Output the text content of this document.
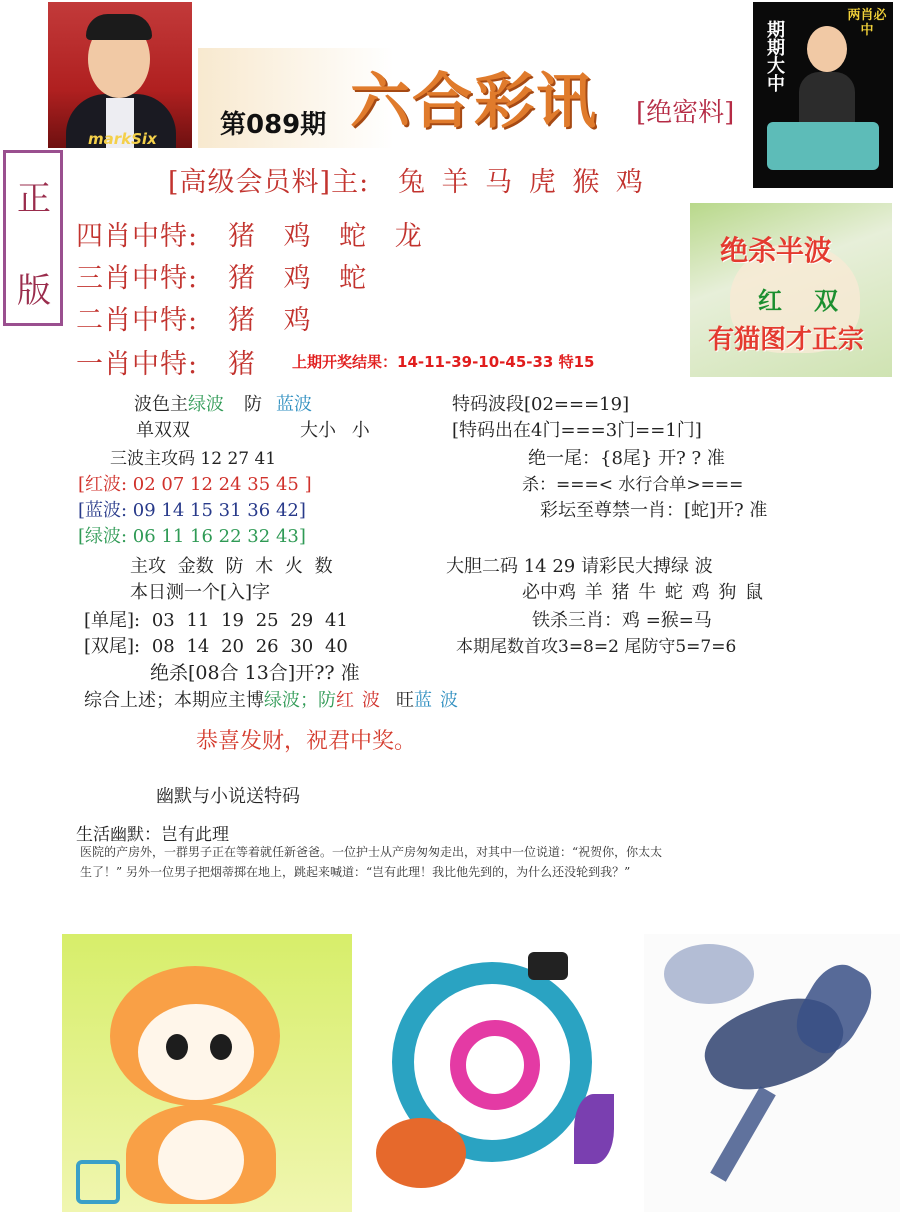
markSix 第089期 六合彩讯 [绝密料]
期期大中
两肖必中
正
版
[高级会员料]主: 兔 羊 马 虎 猴 鸡
四肖中特: 猪 鸡 蛇 龙
三肖中特: 猪 鸡 蛇
二肖中特: 猪 鸡
一肖中特: 猪 上期开奖结果：14-11-39-10-45-33 特15
绝杀半波
红 双
有猫图才正宗
波色主绿波 防 蓝波
单双双	大小 小
三波主攻码 12 27 41
[红波: 02 07 12 24 35 45 ]
[蓝波: 09 14 15 31 36 42]
[绿波: 06 11 16 22 32 43]
主攻 金数 防 木 火 数
本日测一个[入]字
[单尾]: 03 11 19 25 29 41
[双尾]: 08 14 20 26 30 40
绝杀[08合 13合]开?? 准
综合上述；本期应主博绿波；防红 波 旺蓝 波
恭喜发财，祝君中奖。
特码波段[02===19]
[特码出在4门===3门==1门]
绝一尾：{8尾} 开? ? 准
杀：===< 水行合单>===
彩坛至尊禁一肖：[蛇]开? 准
大胆二码 14 29 请彩民大搏绿 波
必中鸡 羊 猪 牛 蛇 鸡 狗 鼠
铁杀三肖：鸡 =猴=马
本期尾数首攻3=8=2 尾防守5=7=6
幽默与小说送特码
生活幽默：岂有此理
医院的产房外，一群男子正在等着就任新爸爸。一位护士从产房匆匆走出，对其中一位说道：“祝贺你，你太太
生了！” 另外一位男子把烟蒂掷在地上，跳起来喊道：“岂有此理！我比他先到的，为什么还没轮到我？”
